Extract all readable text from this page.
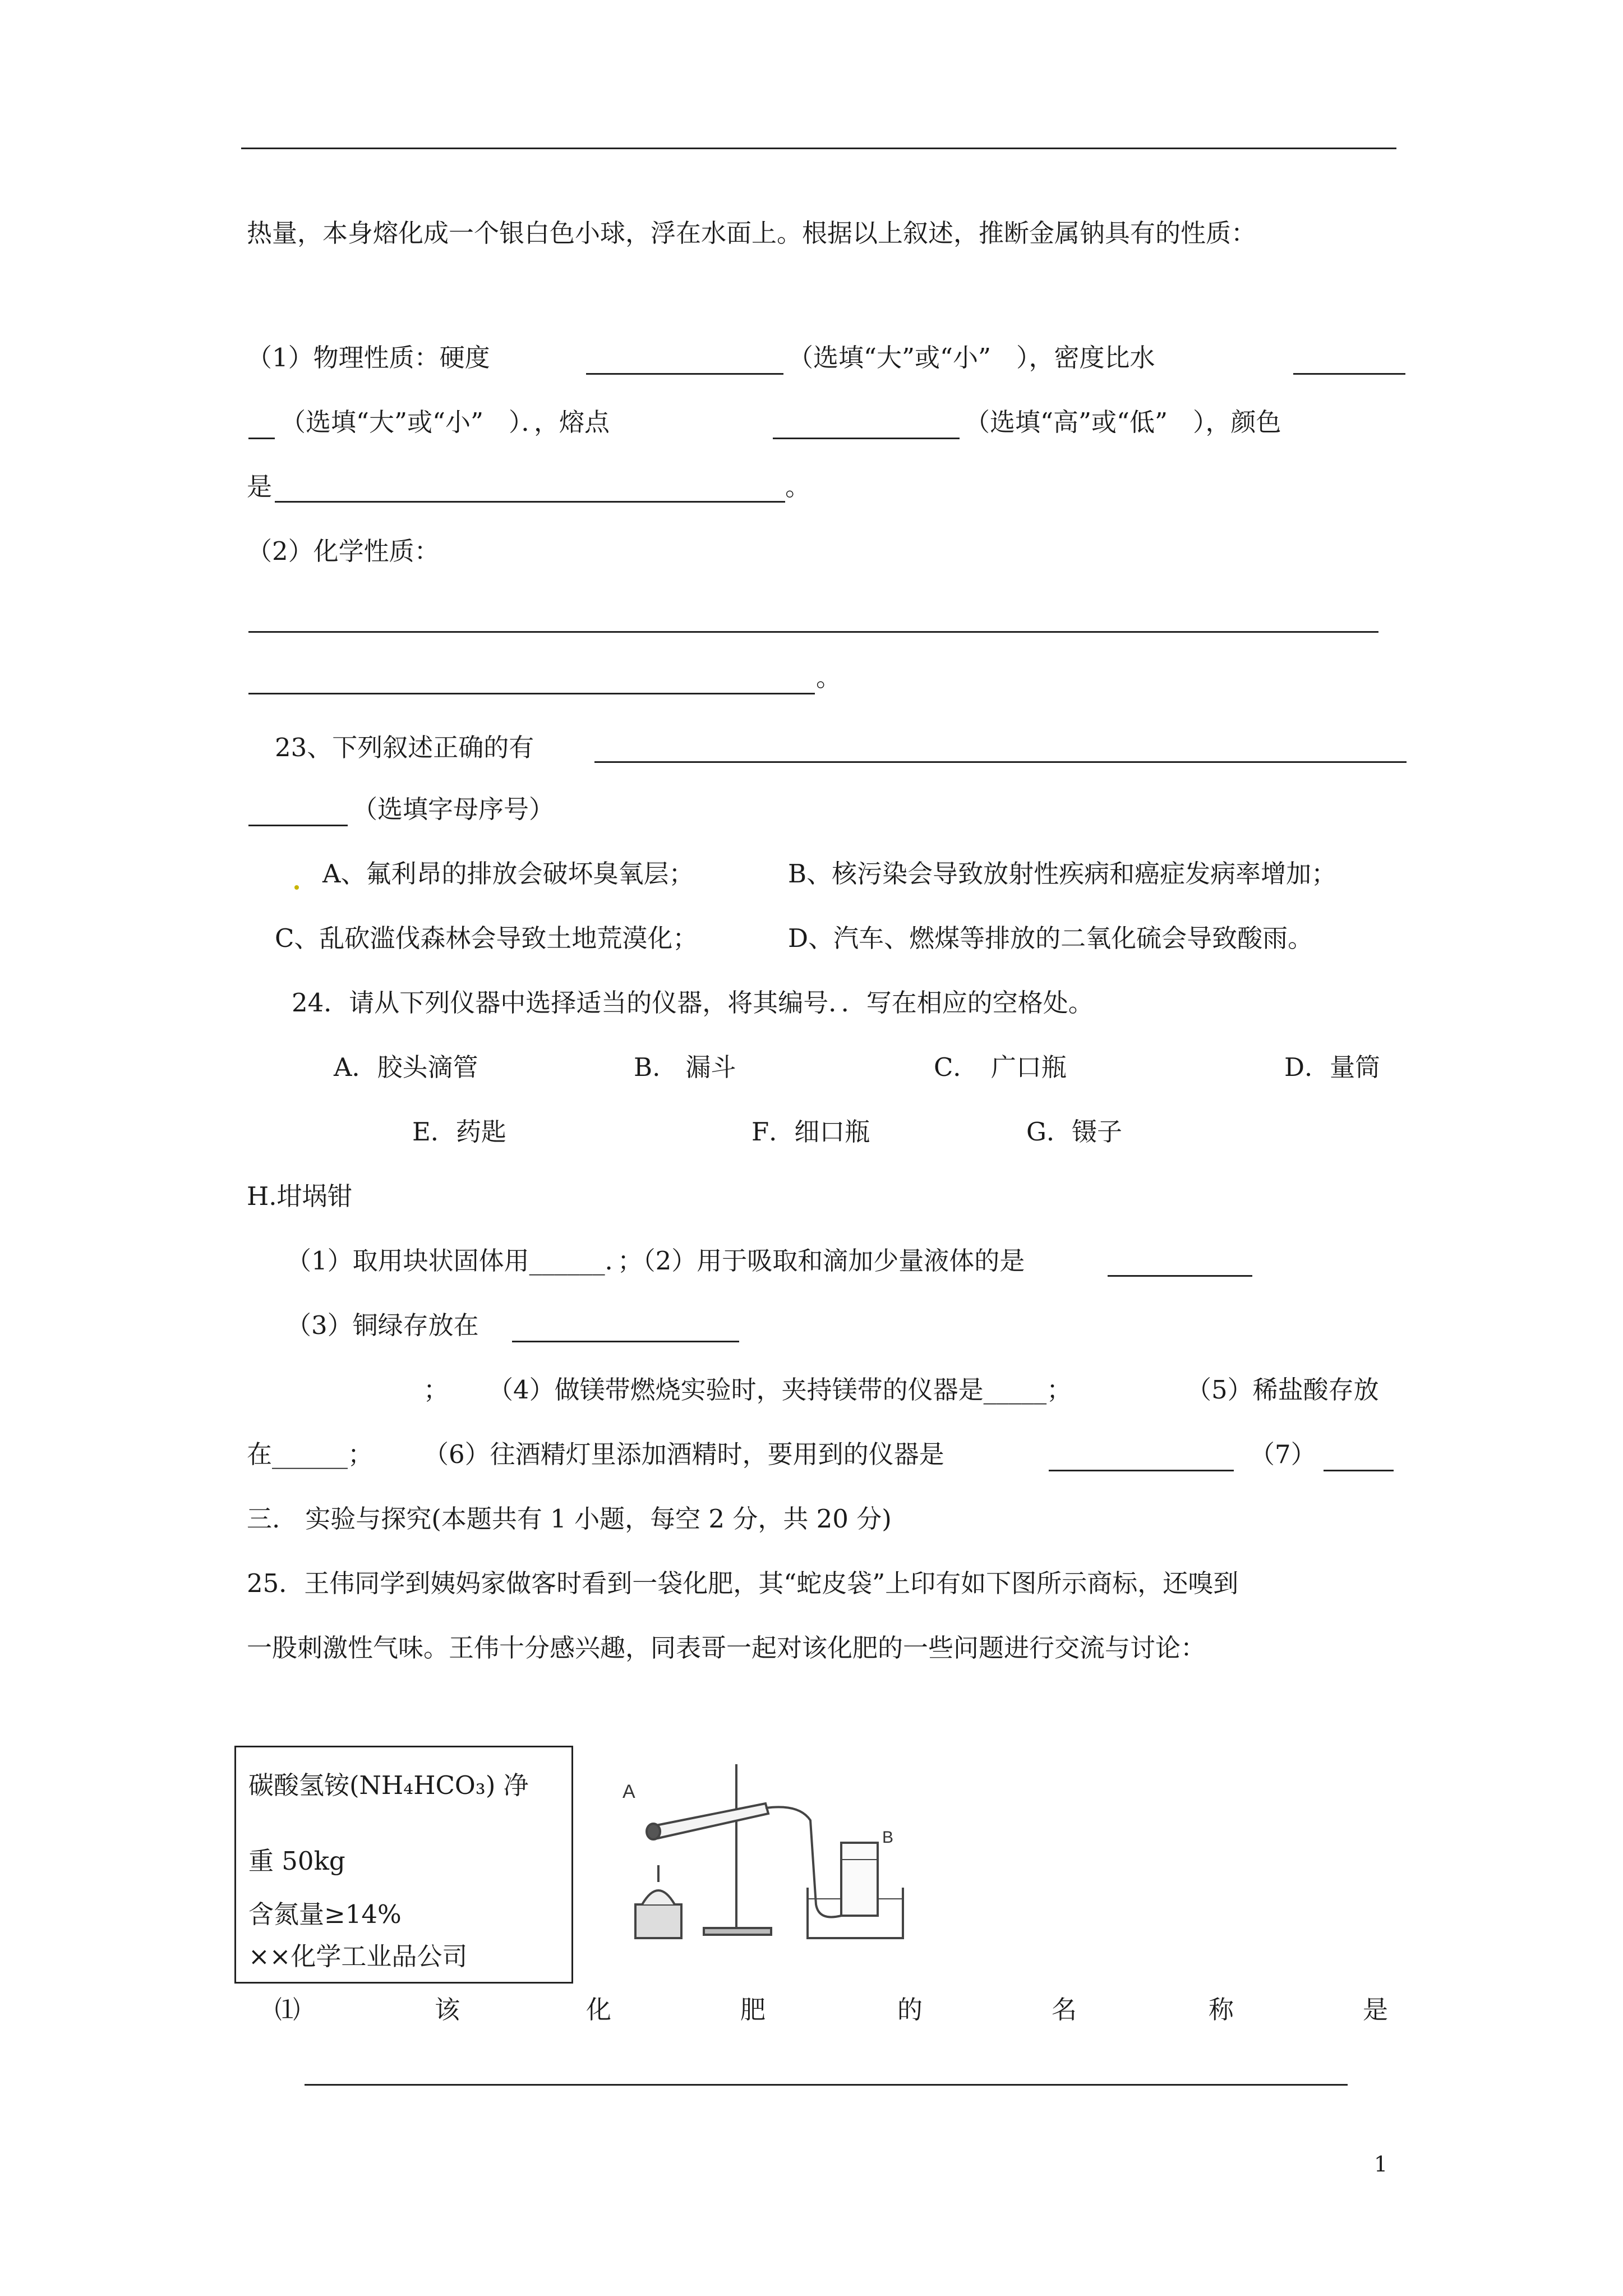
热量，本身熔化成一个银白色小球，浮在水面上。根据以上叙述，推断金属钠具有的性质：
（1）物理性质：硬度	（选填“大”或“小”　），密度比水
（选填“大”或“小”　）．，熔点	（选填“高”或“低”　），颜色
是	。
（2）化学性质：
。
23、下列叙述正确的有
（选填字母序号）
A、氟利昂的排放会破坏臭氧层；	B、核污染会导致放射性疾病和癌症发病率增加；
C、乱砍滥伐森林会导致土地荒漠化；	D、汽车、燃煤等排放的二氧化硫会导致酸雨。
24．请从下列仪器中选择适当的仪器，将其编号．．写在相应的空格处。
A．胶头滴管	B.　漏斗	C．　广口瓶	D．量筒
E．药匙	F．细口瓶	G．镊子
H.坩埚钳
（1）取用块状固体用______．；（2）用于吸取和滴加少量液体的是
（3）铜绿存放在
； （4）做镁带燃烧实验时，夹持镁带的仪器是_____；	（5）稀盐酸存放
在______； （6）往酒精灯里添加酒精时，要用到的仪器是	（7）
三.　实验与探究(本题共有 1 小题，每空 2 分，共 20 分)
25．王伟同学到姨妈家做客时看到一袋化肥，其“蛇皮袋”上印有如下图所示商标，还嗅到
一股刺激性气味。王伟十分感兴趣，同表哥一起对该化肥的一些问题进行交流与讨论：
碳酸氢铵(NH₄HCO₃) 净
重 50kg
含氮量≥14%
××化学工业品公司
A
B
⑴	该	化	肥	的	名	称	是
1
